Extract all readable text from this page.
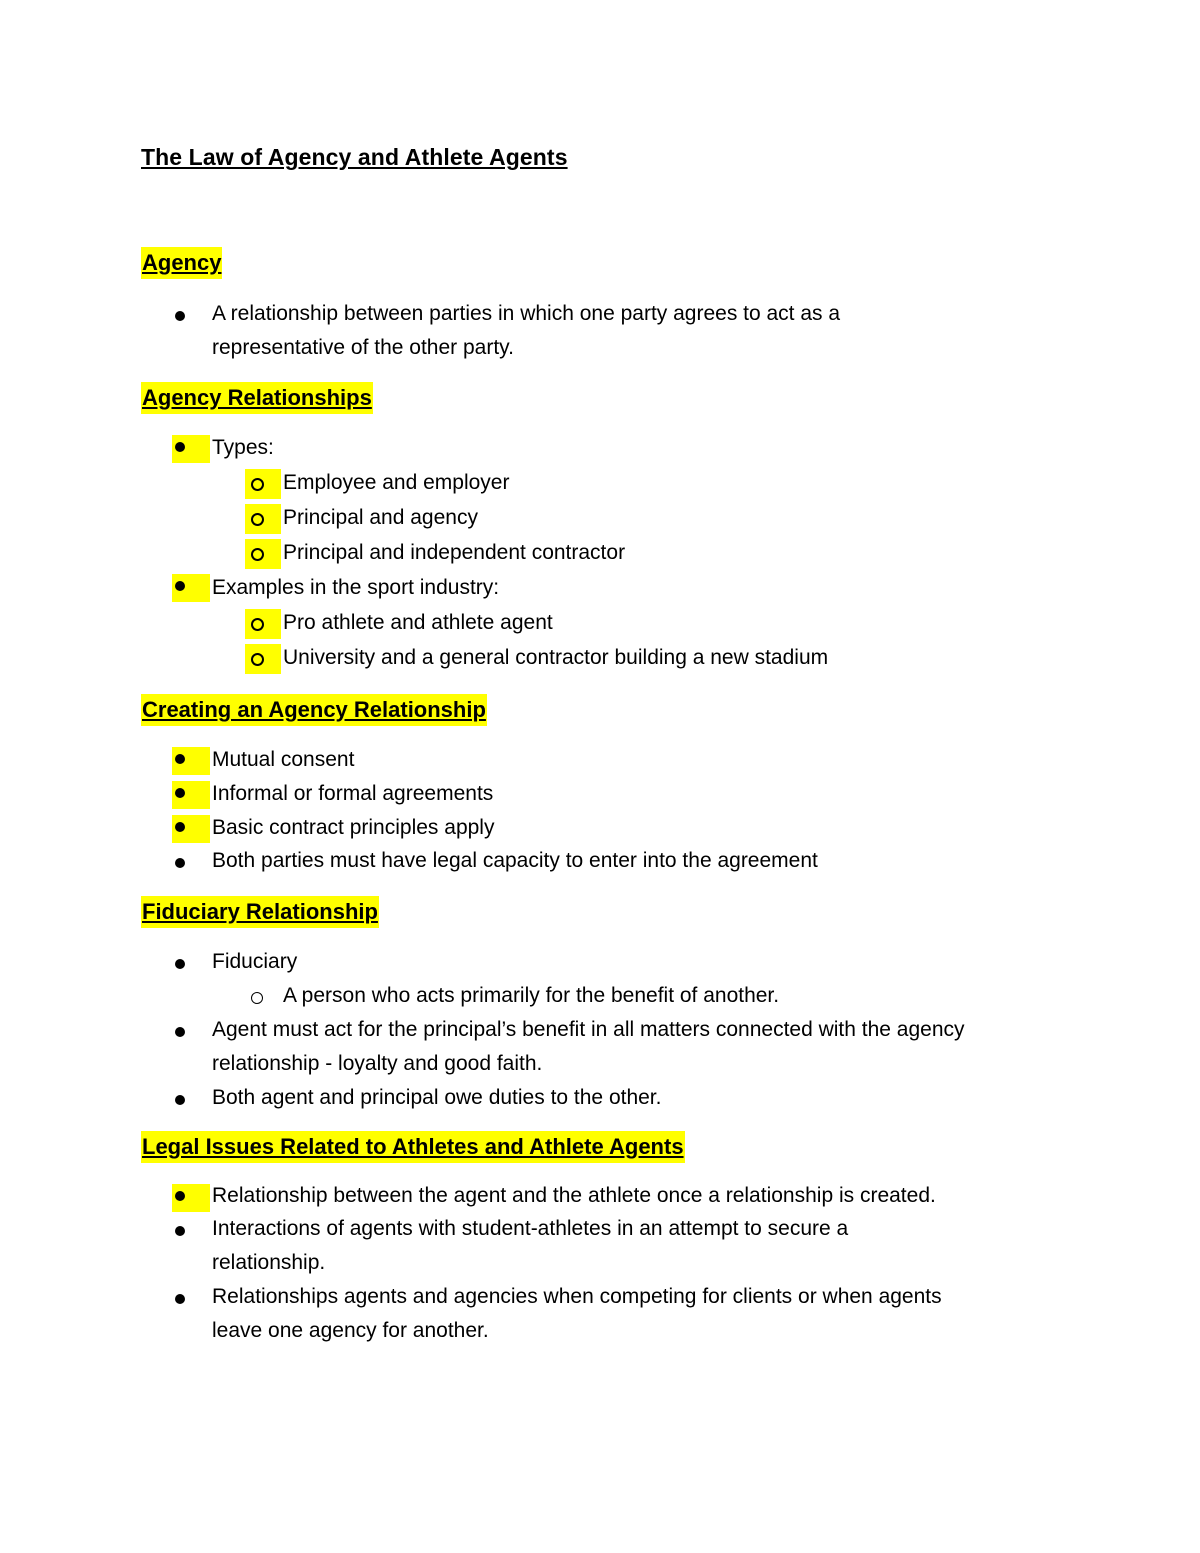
The Law of Agency and Athlete Agents
Agency
A relationship between parties in which one party agrees to act as a
representative of the other party.
Agency Relationships
Types:
Employee and employer
Principal and agency
Principal and independent contractor
Examples in the sport industry:
Pro athlete and athlete agent
University and a general contractor building a new stadium
Creating an Agency Relationship
Mutual consent
Informal or formal agreements
Basic contract principles apply
Both parties must have legal capacity to enter into the agreement
Fiduciary Relationship
Fiduciary
A person who acts primarily for the benefit of another.
Agent must act for the principal’s benefit in all matters connected with the agency
relationship - loyalty and good faith.
Both agent and principal owe duties to the other.
Legal Issues Related to Athletes and Athlete Agents
Relationship between the agent and the athlete once a relationship is created.
Interactions of agents with student-athletes in an attempt to secure a
relationship.
Relationships agents and agencies when competing for clients or when agents
leave one agency for another.
